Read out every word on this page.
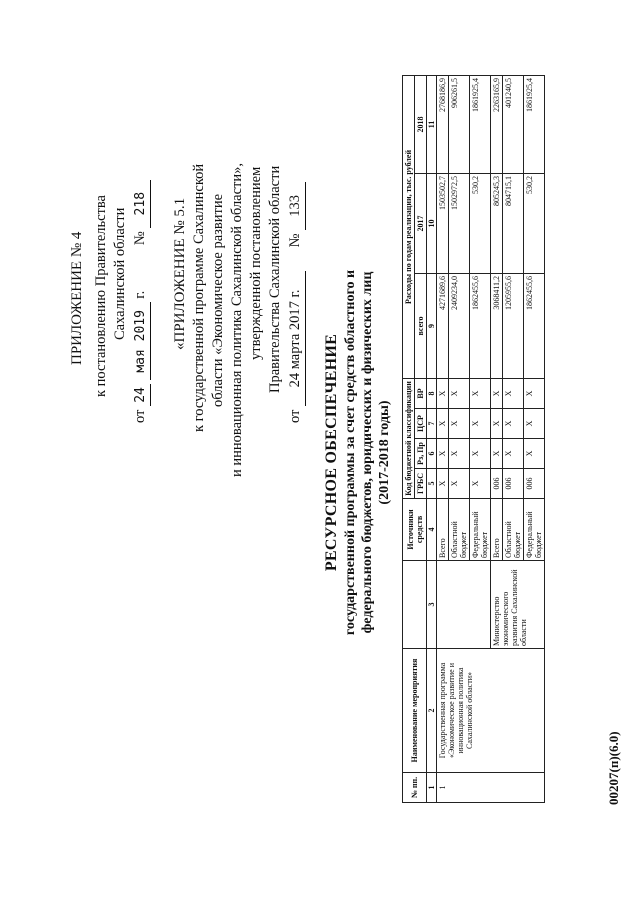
ПРИЛОЖЕНИЕ № 4 к постановлению Правительства Сахалинской области
от 24 мая 2019 г. № 218 «ПРИЛОЖЕНИЕ № 5.1 к государственной программе Сахалинской области «Экономическое развитие и инновационная политика Сахалинской области», утвержденной постановлением Правительства Сахалинской области
от 24 марта 2017 г. № 133
РЕСУРСНОЕ ОБЕСПЕЧЕНИЕ государственной программы за счет средств областного и федерального бюджетов, юридических и физических лиц (2017-2018 годы)
№ пп.	Наименование мероприятия		Источники средств	Код бюджетной классификации				Расходы по годам реализации, тыс. рублей		
				ГРБС	Рз, Пр	ЦСР	ВР	всего	2017	2018
1	2	3	4	5	6	7	8	9	10	11
1	Государственная программа «Экономическое развитие и инновационная политика Сахалинской области»		Всего	X	X	X	X	4271689,6	1503502,7	2768186,9
			Областной бюджет	X	X	X	X	2409234,0	1502972,5	906261,5
			Федеральный бюджет	X	X	X	X	1862455,6	530,2	1861925,4
		Министерство экономического развития Сахалинской области	Всего	006	X	X	X	3068411,2	805245,3	2263165,9
			Областной бюджет	006	X	X	X	1205955,6	804715,1	401240,5
			Федеральный бюджет	006	X	X	X	1862455,6	530,2	1861925,4
00207(п)(6.0)
